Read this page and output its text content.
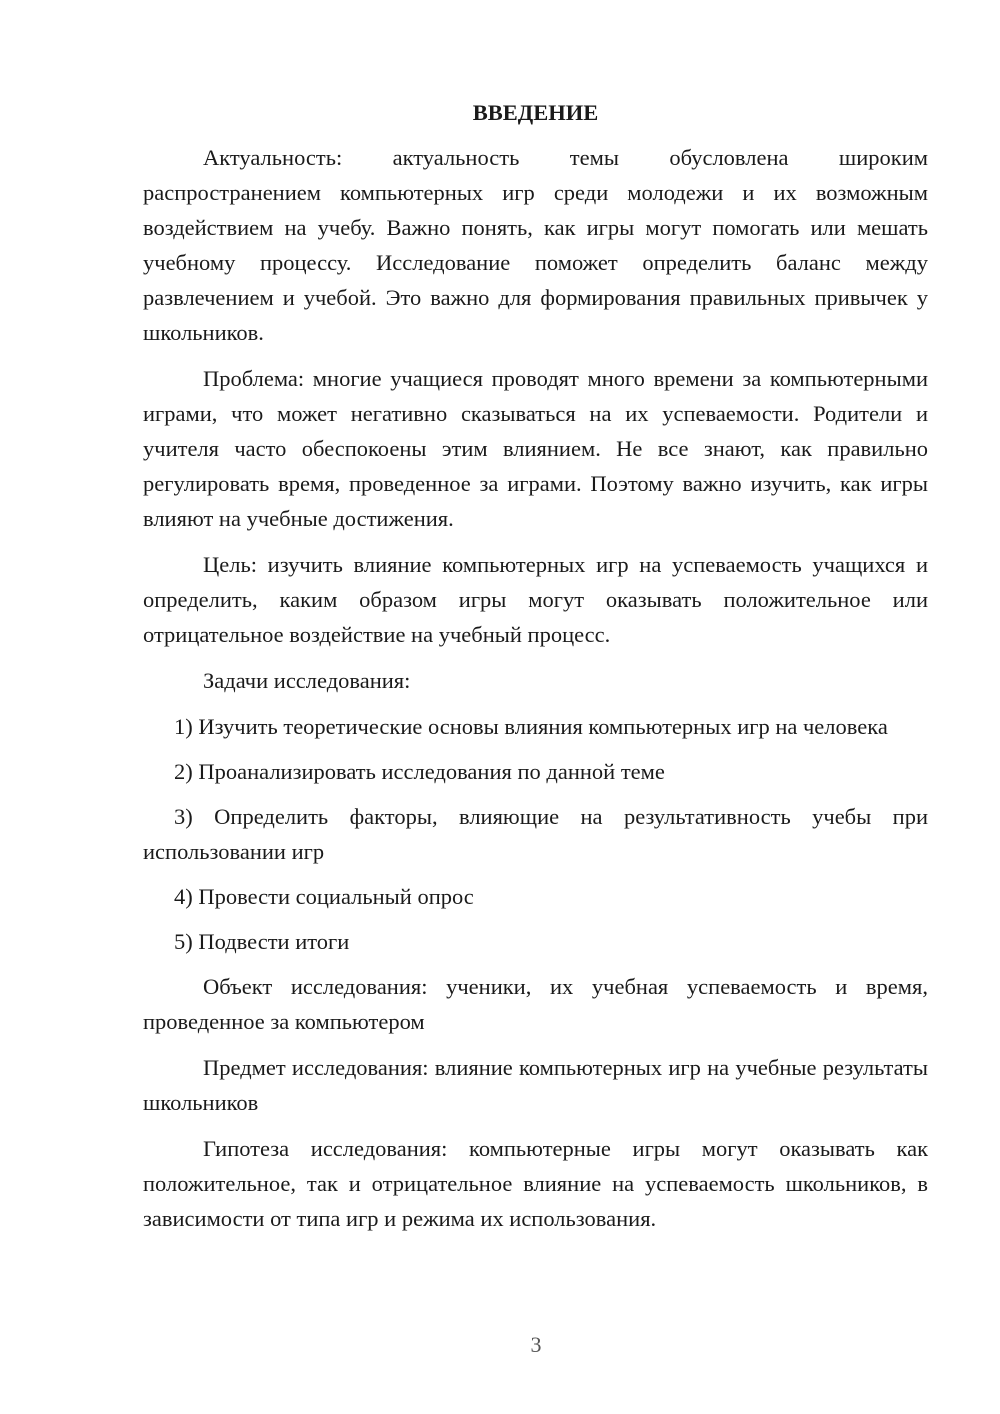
ВВЕДЕНИЕ

Актуальность: актуальность темы обусловлена широким распространением компьютерных игр среди молодежи и их возможным воздействием на учебу. Важно понять, как игры могут помогать или мешать учебному процессу. Исследование поможет определить баланс между развлечением и учебой. Это важно для формирования правильных привычек у школьников.

Проблема: многие учащиеся проводят много времени за компьютерными играми, что может негативно сказываться на их успеваемости. Родители и учителя часто обеспокоены этим влиянием. Не все знают, как правильно регулировать время, проведенное за играми. Поэтому важно изучить, как игры влияют на учебные достижения.

Цель: изучить влияние компьютерных игр на успеваемость учащихся и определить, каким образом игры могут оказывать положительное или отрицательное воздействие на учебный процесс.

Задачи исследования:

1) Изучить теоретические основы влияния компьютерных игр на человека

2) Проанализировать исследования по данной теме

3) Определить факторы, влияющие на результативность учебы при использовании игр

4) Провести социальный опрос

5) Подвести итоги

Объект исследования: ученики, их учебная успеваемость и время, проведенное за компьютером

Предмет исследования: влияние компьютерных игр на учебные результаты школьников

Гипотеза исследования: компьютерные игры могут оказывать как положительное, так и отрицательное влияние на успеваемость школьников, в зависимости от типа игр и режима их использования.

3
